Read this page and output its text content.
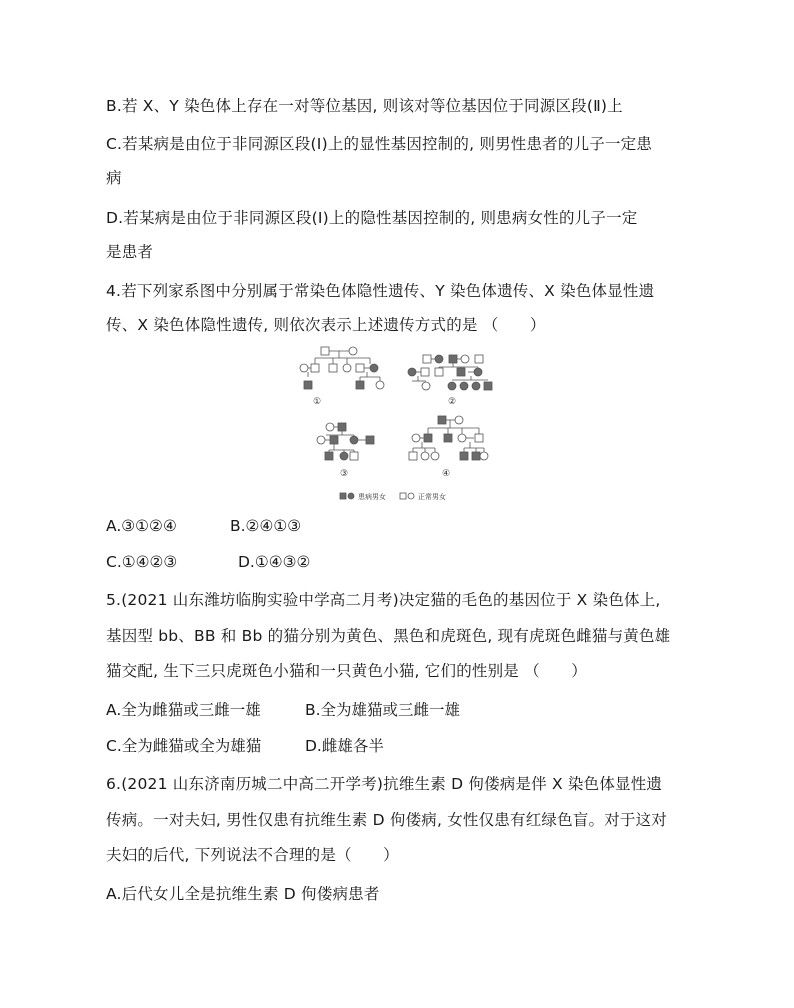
B.若 X、Y 染色体上存在一对等位基因, 则该对等位基因位于同源区段(Ⅱ)上
C.若某病是由位于非同源区段(Ⅰ)上的显性基因控制的, 则男性患者的儿子一定患
病
D.若某病是由位于非同源区段(Ⅰ)上的隐性基因控制的, 则患病女性的儿子一定
是患者
4.若下列家系图中分别属于常染色体隐性遗传、Y 染色体遗传、X 染色体显性遗
传、X 染色体隐性遗传, 则依次表示上述遗传方式的是 （　　）
①	②
③	④
患病男女	正常男女
A.③①②④	B.②④①③
C.①④②③	D.①④③②
5.(2021 山东潍坊临朐实验中学高二月考)决定猫的毛色的基因位于 X 染色体上,
基因型 bb、BB 和 Bb 的猫分别为黄色、黑色和虎斑色, 现有虎斑色雌猫与黄色雄
猫交配, 生下三只虎斑色小猫和一只黄色小猫, 它们的性别是 （　　）
A.全为雌猫或三雌一雄	B.全为雄猫或三雌一雄
C.全为雌猫或全为雄猫	D.雌雄各半
6.(2021 山东济南历城二中高二开学考)抗维生素 D 佝偻病是伴 X 染色体显性遗
传病。一对夫妇, 男性仅患有抗维生素 D 佝偻病, 女性仅患有红绿色盲。对于这对
夫妇的后代, 下列说法不合理的是（　　）
A.后代女儿全是抗维生素 D 佝偻病患者
